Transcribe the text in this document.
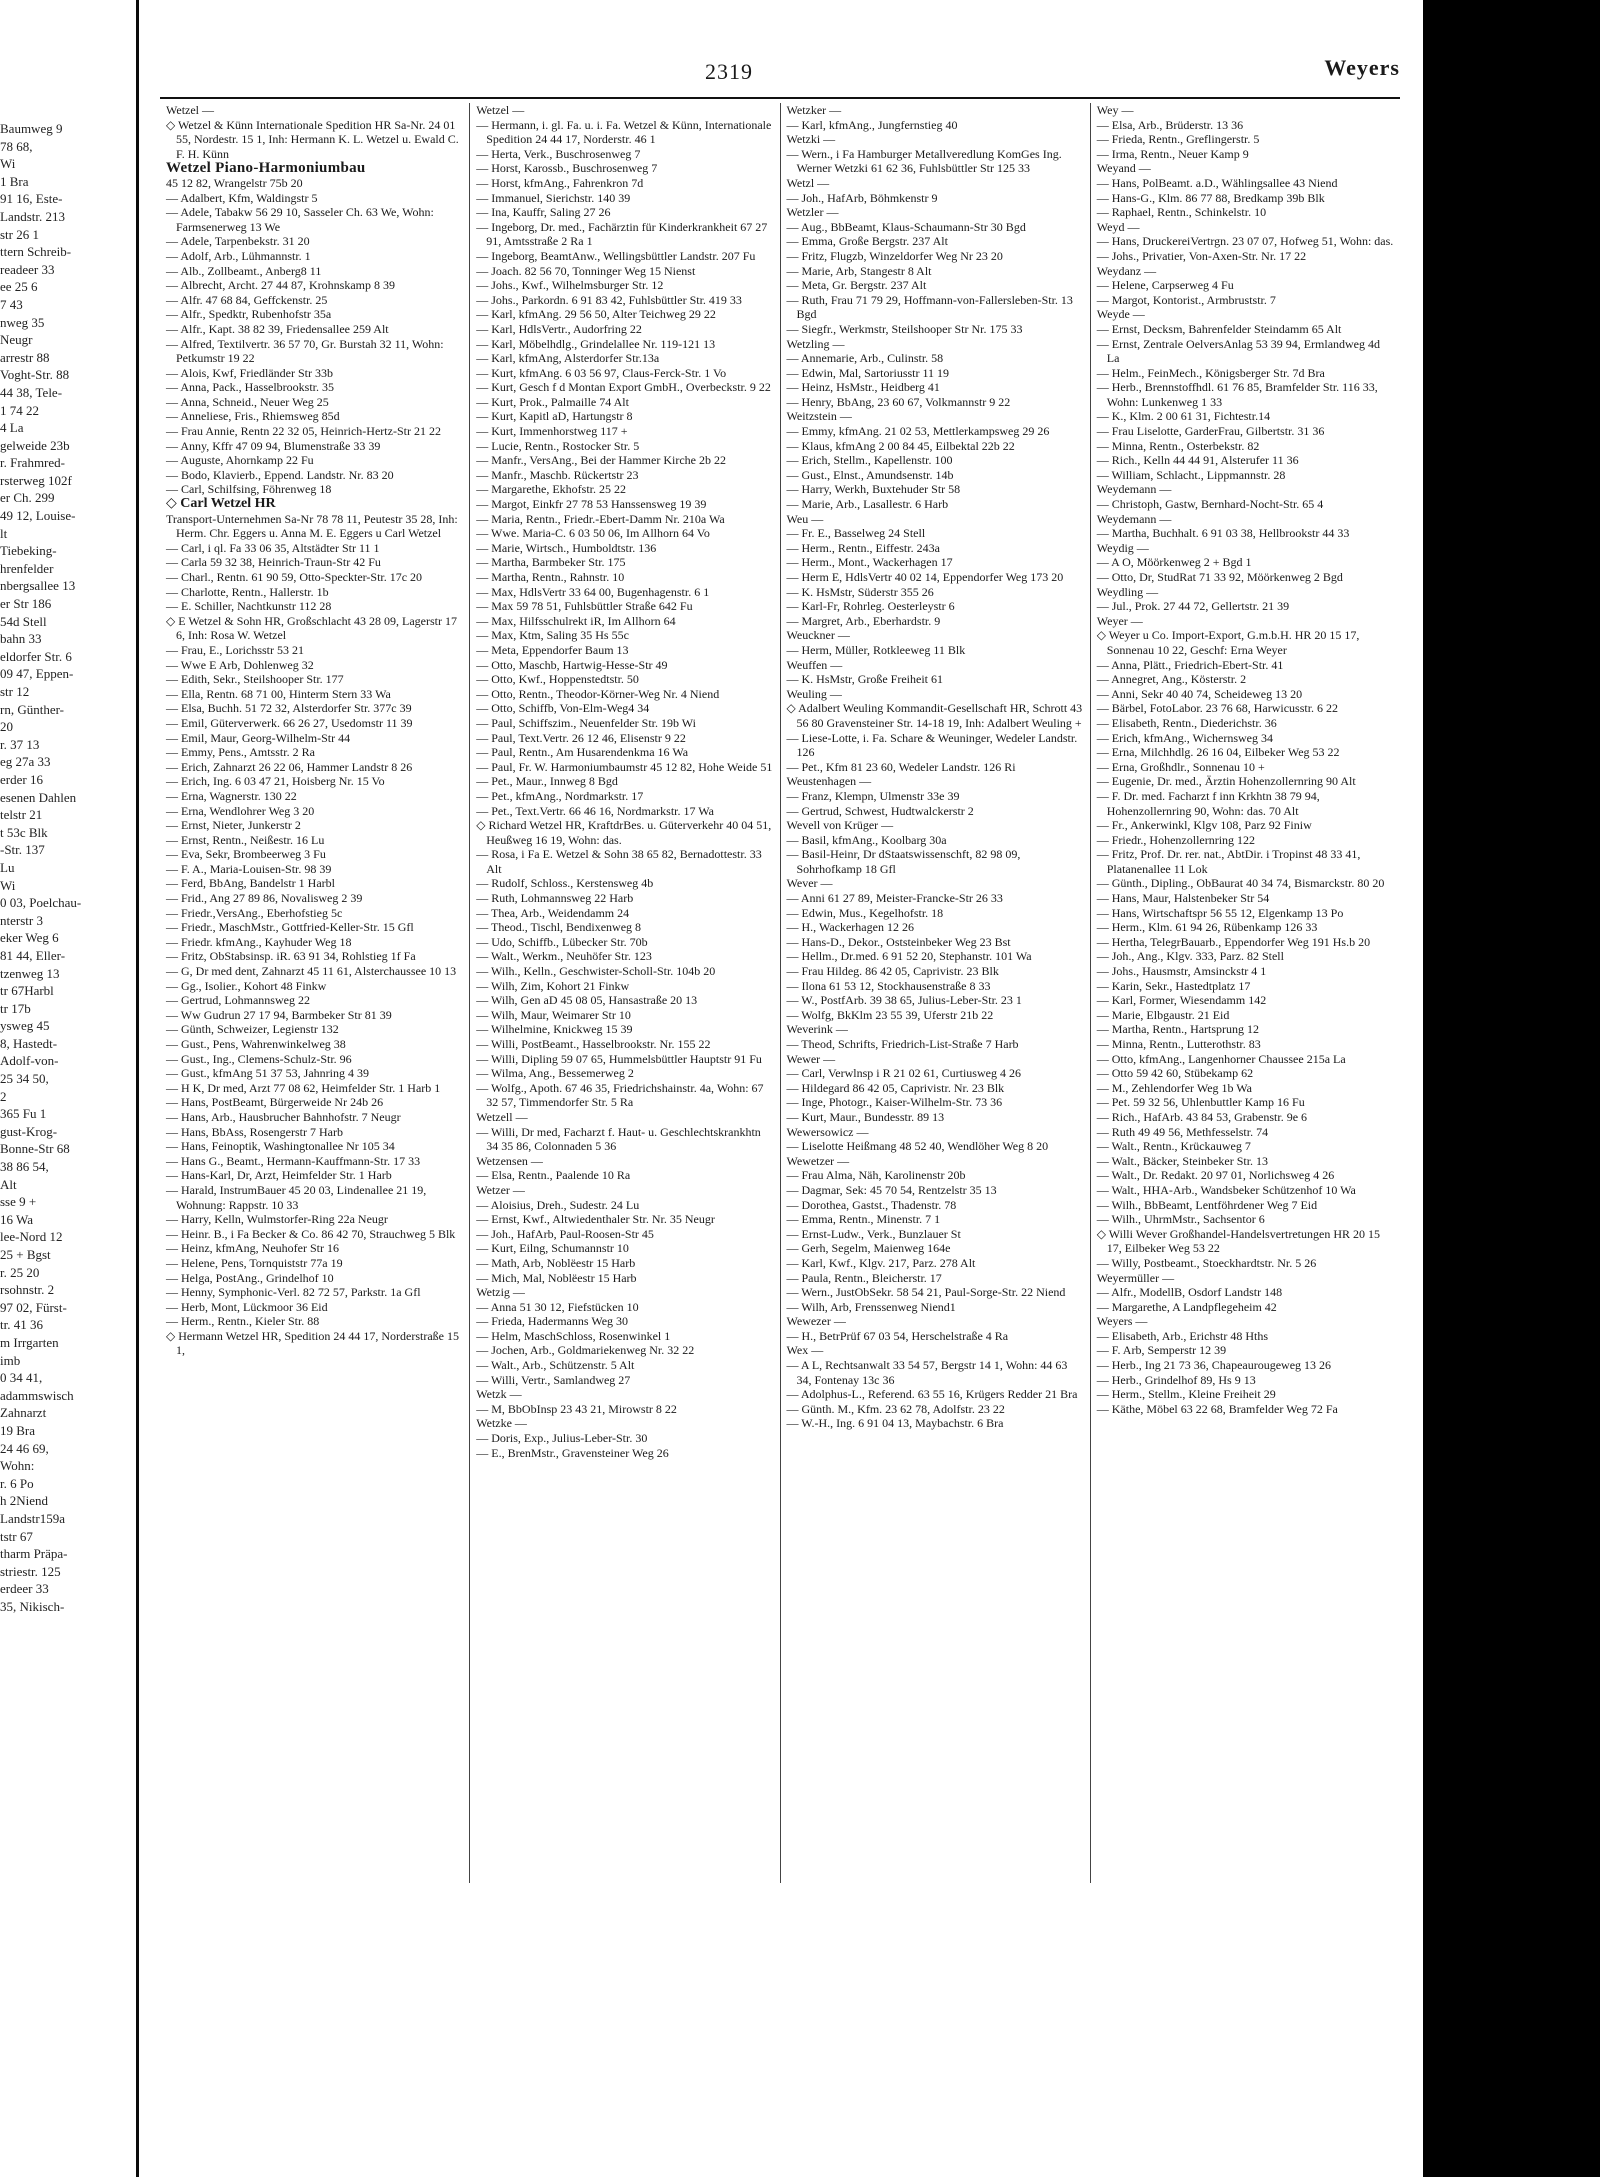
Baumweg 9
78 68,
Wi
1 Bra
91 16, Este-
Landstr. 213
str 26 1
ttern Schreib-
readeer 33
ee 25 6
7 43
nweg 35
Neugr
arrestr 88
Voght-Str. 88
44 38, Tele-
1 74 22
4 La
gelweide 23b
r. Frahmred-
rsterweg 102f
er Ch. 299
49 12, Louise-
lt
Tiebeking-
hrenfelder
nbergsallee 13
er Str 186
54d Stell
bahn 33
eldorfer Str. 6
09 47, Eppen-
str 12
rn, Günther-
20
r. 37 13
eg 27a 33
erder 16
esenen Dahlen
telstr 21
t 53c Blk
-Str. 137
Lu
Wi
0 03, Poelchau-
nterstr 3
eker Weg 6
81 44, Eller-
tzenweg 13
tr 67Harbl
tr 17b
ysweg 45
8, Hastedt-
Adolf-von-
25 34 50,
2
365 Fu 1
gust-Krog-
Bonne-Str 68
38 86 54,
Alt
sse 9 +
16 Wa
lee-Nord 12
25 + Bgst
r. 25 20
rsohnstr. 2
97 02, Fürst-
tr. 41 36
m Irrgarten
imb
0 34 41,
adammswisch
Zahnarzt
19 Bra
24 46 69,
Wohn:
r. 6 Po
h 2Niend
Landstr159a
tstr 67
tharm Präpa-
striestr. 125
erdeer 33
35, Nikisch-
2319	Weyers
Wetzel —
◇ Wetzel & Künn Internationale Spedition HR Sa-Nr. 24 01 55, Nordestr. 15 1, Inh: Hermann K. L. Wetzel u. Ewald C. F. H. Künn
Wetzel Piano-Harmoniumbau
45 12 82, Wrangelstr 75b 20
— Adalbert, Kfm, Waldingstr 5
— Adele, Tabakw 56 29 10, Sasseler Ch. 63 We, Wohn: Farmsenerweg 13 We
— Adele, Tarpenbekstr. 31 20
— Adolf, Arb., Lühmannstr. 1
— Alb., Zollbeamt., Anberg8 11
— Albrecht, Archt. 27 44 87, Krohnskamp 8 39
— Alfr. 47 68 84, Geffckenstr. 25
— Alfr., Spedktr, Rubenhofstr 35a
— Alfr., Kapt. 38 82 39, Friedensallee 259 Alt
— Alfred, Textilvertr. 36 57 70, Gr. Burstah 32 11, Wohn: Petkumstr 19 22
— Alois, Kwf, Friedländer Str 33b
— Anna, Pack., Hasselbrookstr. 35
— Anna, Schneid., Neuer Weg 25
— Anneliese, Fris., Rhiemsweg 85d
— Frau Annie, Rentn 22 32 05, Heinrich-Hertz-Str 21 22
— Anny, Kffr 47 09 94, Blumenstraße 33 39
— Auguste, Ahornkamp 22 Fu
— Bodo, Klavierb., Eppend. Landstr. Nr. 83 20
— Carl, Schilfsing, Föhrenweg 18
◇ Carl Wetzel HR
Transport-Unternehmen Sa-Nr 78 78 11, Peutestr 35 28, Inh: Herm. Chr. Eggers u. Anna M. E. Eggers u Carl Wetzel
— Carl, i ql. Fa 33 06 35, Altstädter Str 11 1
— Carla 59 32 38, Heinrich-Traun-Str 42 Fu
— Charl., Rentn. 61 90 59, Otto-Speckter-Str. 17c 20
— Charlotte, Rentn., Hallerstr. 1b
— E. Schiller, Nachtkunstr 112 28
◇ E Wetzel & Sohn HR, Großschlacht 43 28 09, Lagerstr 17 6, Inh: Rosa W. Wetzel
— Frau, E., Lorichsstr 53 21
— Wwe E Arb, Dohlenweg 32
— Edith, Sekr., Steilshooper Str. 177
— Ella, Rentn. 68 71 00, Hinterm Stern 33 Wa
— Elsa, Buchh. 51 72 32, Alsterdorfer Str. 377c 39
— Emil, Güterverwerk. 66 26 27, Usedomstr 11 39
— Emil, Maur, Georg-Wilhelm-Str 44
— Emmy, Pens., Amtsstr. 2 Ra
— Erich, Zahnarzt 26 22 06, Hammer Landstr 8 26
— Erich, Ing. 6 03 47 21, Hoisberg Nr. 15 Vo
— Erna, Wagnerstr. 130 22
— Erna, Wendlohrer Weg 3 20
— Ernst, Nieter, Junkerstr 2
— Ernst, Rentn., Neißestr. 16 Lu
— Eva, Sekr, Brombeerweg 3 Fu
— F. A., Maria-Louisen-Str. 98 39
— Ferd, BbAng, Bandelstr 1 Harbl
— Frid., Ang 27 89 86, Novalisweg 2 39
— Friedr.,VersAng., Eberhofstieg 5c
— Friedr., MaschMstr., Gottfried-Keller-Str. 15 Gfl
— Friedr. kfmAng., Kayhuder Weg 18
— Fritz, ObStabsinsp. iR. 63 91 34, Rohlstieg 1f Fa
— G, Dr med dent, Zahnarzt 45 11 61, Alsterchaussee 10 13
— Gg., Isolier., Kohort 48 Finkw
— Gertrud, Lohmannsweg 22
— Ww Gudrun 27 17 94, Barmbeker Str 81 39
— Günth, Schweizer, Legienstr 132
— Gust., Pens, Wahrenwinkelweg 38
— Gust., Ing., Clemens-Schulz-Str. 96
— Gust., kfmAng 51 37 53, Jahnring 4 39
— H K, Dr med, Arzt 77 08 62, Heimfelder Str. 1 Harb 1
— Hans, PostBeamt, Bürgerweide Nr 24b 26
— Hans, Arb., Hausbrucher Bahnhofstr. 7 Neugr
— Hans, BbAss, Rosengerstr 7 Harb
— Hans, Feinoptik, Washingtonallee Nr 105 34
— Hans G., Beamt., Hermann-Kauffmann-Str. 17 33
— Hans-Karl, Dr, Arzt, Heimfelder Str. 1 Harb
— Harald, InstrumBauer 45 20 03, Lindenallee 21 19, Wohnung: Rappstr. 10 33
— Harry, Kelln, Wulmstorfer-Ring 22a Neugr
— Heinr. B., i Fa Becker & Co. 86 42 70, Strauchweg 5 Blk
— Heinz, kfmAng, Neuhofer Str 16
— Helene, Pens, Tornquiststr 77a 19
— Helga, PostAng., Grindelhof 10
— Henny, Symphonic-Verl. 82 72 57, Parkstr. 1a Gfl
— Herb, Mont, Lückmoor 36 Eid
— Herm., Rentn., Kieler Str. 88
◇ Hermann Wetzel HR, Spedition 24 44 17, Norderstraße 15 1,
Wetzel —
— Hermann, i. gl. Fa. u. i. Fa. Wetzel & Künn, Internationale Spedition 24 44 17, Norderstr. 46 1
— Herta, Verk., Buschrosenweg 7
— Horst, Karossb., Buschrosenweg 7
— Horst, kfmAng., Fahrenkron 7d
— Immanuel, Sierichstr. 140 39
— Ina, Kauffr, Saling 27 26
— Ingeborg, Dr. med., Fachärztin für Kinderkrankheit 67 27 91, Amtsstraße 2 Ra 1
— Ingeborg, BeamtAnw., Wellingsbüttler Landstr. 207 Fu
— Joach. 82 56 70, Tonninger Weg 15 Nienst
— Johs., Kwf., Wilhelmsburger Str. 12
— Johs., Parkordn. 6 91 83 42, Fuhlsbüttler Str. 419 33
— Karl, kfmAng. 29 56 50, Alter Teichweg 29 22
— Karl, HdlsVertr., Audorfring 22
— Karl, Möbelhdlg., Grindelallee Nr. 119-121 13
— Karl, kfmAng, Alsterdorfer Str.13a
— Kurt, kfmAng. 6 03 56 97, Claus-Ferck-Str. 1 Vo
— Kurt, Gesch f d Montan Export GmbH., Overbeckstr. 9 22
— Kurt, Prok., Palmaille 74 Alt
— Kurt, Kapitl aD, Hartungstr 8
— Kurt, Immenhorstweg 117 +
— Lucie, Rentn., Rostocker Str. 5
— Manfr., VersAng., Bei der Hammer Kirche 2b 22
— Manfr., Maschb. Rückertstr 23
— Margarethe, Ekhofstr. 25 22
— Margot, Einkfr 27 78 53 Hanssensweg 19 39
— Maria, Rentn., Friedr.-Ebert-Damm Nr. 210a Wa
— Wwe. Maria-C. 6 03 50 06, Im Allhorn 64 Vo
— Marie, Wirtsch., Humboldtstr. 136
— Martha, Barmbeker Str. 175
— Martha, Rentn., Rahnstr. 10
— Max, HdlsVertr 33 64 00, Bugenhagenstr. 6 1
— Max 59 78 51, Fuhlsbüttler Straße 642 Fu
— Max, Hilfsschulrekt iR, Im Allhorn 64
— Max, Ktm, Saling 35 Hs 55c
— Meta, Eppendorfer Baum 13
— Otto, Maschb, Hartwig-Hesse-Str 49
— Otto, Kwf., Hoppenstedtstr. 50
— Otto, Rentn., Theodor-Körner-Weg Nr. 4 Niend
— Otto, Schiffb, Von-Elm-Weg4 34
— Paul, Schiffszim., Neuenfelder Str. 19b Wi
— Paul, Text.Vertr. 26 12 46, Elisenstr 9 22
— Paul, Rentn., Am Husarendenkma 16 Wa
— Paul, Fr. W. Harmoniumbaumstr 45 12 82, Hohe Weide 51
— Pet., Maur., Innweg 8 Bgd
— Pet., kfmAng., Nordmarkstr. 17
— Pet., Text.Vertr. 66 46 16, Nordmarkstr. 17 Wa
◇ Richard Wetzel HR, KraftdrBes. u. Güterverkehr 40 04 51, Heußweg 16 19, Wohn: das.
— Rosa, i Fa E. Wetzel & Sohn 38 65 82, Bernadottestr. 33 Alt
— Rudolf, Schloss., Kerstensweg 4b
— Ruth, Lohmannsweg 22 Harb
— Thea, Arb., Weidendamm 24
— Theod., Tischl, Bendixenweg 8
— Udo, Schiffb., Lübecker Str. 70b
— Walt., Werkm., Neuhöfer Str. 123
— Wilh., Kelln., Geschwister-Scholl-Str. 104b 20
— Wilh, Zim, Kohort 21 Finkw
— Wilh, Gen aD 45 08 05, Hansastraße 20 13
— Wilh, Maur, Weimarer Str 10
— Wilhelmine, Knickweg 15 39
— Willi, PostBeamt., Hasselbrookstr. Nr. 155 22
— Willi, Dipling 59 07 65, Hummelsbüttler Hauptstr 91 Fu
— Wilma, Ang., Bessemerweg 2
— Wolfg., Apoth. 67 46 35, Friedrichshainstr. 4a, Wohn: 67 32 57, Timmendorfer Str. 5 Ra
Wetzell —
— Willi, Dr med, Facharzt f. Haut- u. Geschlechtskrankhtn 34 35 86, Colonnaden 5 36
Wetzensen —
— Elsa, Rentn., Paalende 10 Ra
Wetzer —
— Aloisius, Dreh., Sudestr. 24 Lu
— Ernst, Kwf., Altwiedenthaler Str. Nr. 35 Neugr
— Joh., HafArb, Paul-Roosen-Str 45
— Kurt, Eilng, Schumannstr 10
— Math, Arb, Noblëestr 15 Harb
— Mich, Mal, Noblëestr 15 Harb
Wetzig —
— Anna 51 30 12, Fiefstücken 10
— Frieda, Hadermanns Weg 30
— Helm, MaschSchloss, Rosenwinkel 1
— Jochen, Arb., Goldmariekenweg Nr. 32 22
— Walt., Arb., Schützenstr. 5 Alt
— Willi, Vertr., Samlandweg 27
Wetzk —
— M, BbObInsp 23 43 21, Mirowstr 8 22
Wetzke —
— Doris, Exp., Julius-Leber-Str. 30
— E., BrenMstr., Gravensteiner Weg 26
Wetzker —
— Karl, kfmAng., Jungfernstieg 40
Wetzki —
— Wern., i Fa Hamburger Metallveredlung KomGes Ing. Werner Wetzki 61 62 36, Fuhlsbüttler Str 125 33
Wetzl —
— Joh., HafArb, Böhmkenstr 9
Wetzler —
— Aug., BbBeamt, Klaus-Schaumann-Str 30 Bgd
— Emma, Große Bergstr. 237 Alt
— Fritz, Flugzb, Winzeldorfer Weg Nr 23 20
— Marie, Arb, Stangestr 8 Alt
— Meta, Gr. Bergstr. 237 Alt
— Ruth, Frau 71 79 29, Hoffmann-von-Fallersleben-Str. 13 Bgd
— Siegfr., Werkmstr, Steilshooper Str Nr. 175 33
Wetzling —
— Annemarie, Arb., Culinstr. 58
— Edwin, Mal, Sartoriusstr 11 19
— Heinz, HsMstr., Heidberg 41
— Henry, BbAng, 23 60 67, Volkmannstr 9 22
Weitzstein —
— Emmy, kfmAng. 21 02 53, Mettlerkampsweg 29 26
— Klaus, kfmAng 2 00 84 45, Eilbektal 22b 22
— Erich, Stellm., Kapellenstr. 100
— Gust., Elnst., Amundsenstr. 14b
— Harry, Werkh, Buxtehuder Str 58
— Marie, Arb., Lasallestr. 6 Harb
Weu —
— Fr. E., Basselweg 24 Stell
— Herm., Rentn., Eiffestr. 243a
— Herm., Mont., Wackerhagen 17
— Herm E, HdlsVertr 40 02 14, Eppendorfer Weg 173 20
— K. HsMstr, Süderstr 355 26
— Karl-Fr, Rohrleg. Oesterleystr 6
— Margret, Arb., Eberhardstr. 9
Weuckner —
— Herm, Müller, Rotkleeweg 11 Blk
Weuffen —
— K. HsMstr, Große Freiheit 61
Weuling —
◇ Adalbert Weuling Kommandit-Gesellschaft HR, Schrott 43 56 80 Gravensteiner Str. 14-18 19, Inh: Adalbert Weuling +
— Liese-Lotte, i. Fa. Schare & Weuninger, Wedeler Landstr. 126
— Pet., Kfm 81 23 60, Wedeler Landstr. 126 Ri
Weustenhagen —
— Franz, Klempn, Ulmenstr 33e 39
— Gertrud, Schwest, Hudtwalckerstr 2
Wevell von Krüger —
— Basil, kfmAng., Koolbarg 30a
— Basil-Heinr, Dr dStaatswissenschft, 82 98 09, Sohrhofkamp 18 Gfl
Wever —
— Anni 61 27 89, Meister-Francke-Str 26 33
— Edwin, Mus., Kegelhofstr. 18
— H., Wackerhagen 12 26
— Hans-D., Dekor., Oststeinbeker Weg 23 Bst
— Hellm., Dr.med. 6 91 52 20, Stephanstr. 101 Wa
— Frau Hildeg. 86 42 05, Caprivistr. 23 Blk
— Ilona 61 53 12, Stockhausenstraße 8 33
— W., PostfArb. 39 38 65, Julius-Leber-Str. 23 1
— Wolfg, BkKlm 23 55 39, Uferstr 21b 22
Weverink —
— Theod, Schrifts, Friedrich-List-Straße 7 Harb
Wewer —
— Carl, Verwlnsp i R 21 02 61, Curtiusweg 4 26
— Hildegard 86 42 05, Caprivistr. Nr. 23 Blk
— Inge, Photogr., Kaiser-Wilhelm-Str. 73 36
— Kurt, Maur., Bundesstr. 89 13
Wewersowicz —
— Liselotte Heißmang 48 52 40, Wendlöher Weg 8 20
Wewetzer —
— Frau Alma, Näh, Karolinenstr 20b
— Dagmar, Sek: 45 70 54, Rentzelstr 35 13
— Dorothea, Gastst., Thadenstr. 78
— Emma, Rentn., Minenstr. 7 1
— Ernst-Ludw., Verk., Bunzlauer St
— Gerh, Segelm, Maienweg 164e
— Karl, Kwf., Klgv. 217, Parz. 278 Alt
— Paula, Rentn., Bleicherstr. 17
— Wern., JustObSekr. 58 54 21, Paul-Sorge-Str. 22 Niend
— Wilh, Arb, Frenssenweg Niend1
Wewezer —
— H., BetrPrüf 67 03 54, Herschelstraße 4 Ra
Wex —
— A L, Rechtsanwalt 33 54 57, Bergstr 14 1, Wohn: 44 63 34, Fontenay 13c 36
— Adolphus-L., Referend. 63 55 16, Krügers Redder 21 Bra
— Günth. M., Kfm. 23 62 78, Adolfstr. 23 22
— W.-H., Ing. 6 91 04 13, Maybachstr. 6 Bra
Wey —
— Elsa, Arb., Brüderstr. 13 36
— Frieda, Rentn., Greflingerstr. 5
— Irma, Rentn., Neuer Kamp 9
Weyand —
— Hans, PolBeamt. a.D., Wählingsallee 43 Niend
— Hans-G., Klm. 86 77 88, Bredkamp 39b Blk
— Raphael, Rentn., Schinkelstr. 10
Weyd —
— Hans, DruckereiVertrgn. 23 07 07, Hofweg 51, Wohn: das.
— Johs., Privatier, Von-Axen-Str. Nr. 17 22
Weydanz —
— Helene, Carpserweg 4 Fu
— Margot, Kontorist., Armbruststr. 7
Weyde —
— Ernst, Decksm, Bahrenfelder Steindamm 65 Alt
— Ernst, Zentrale OelversAnlag 53 39 94, Ermlandweg 4d La
— Helm., FeinMech., Königsberger Str. 7d Bra
— Herb., Brennstoffhdl. 61 76 85, Bramfelder Str. 116 33, Wohn: Lunkenweg 1 33
— K., Klm. 2 00 61 31, Fichtestr.14
— Frau Liselotte, GarderFrau, Gilbertstr. 31 36
— Minna, Rentn., Osterbekstr. 82
— Rich., Kelln 44 44 91, Alsterufer 11 36
— William, Schlacht., Lippmannstr. 28
Weydemann —
— Christoph, Gastw, Bernhard-Nocht-Str. 65 4
Weydemann —
— Martha, Buchhalt. 6 91 03 38, Hellbrookstr 44 33
Weydig —
— A O, Möörkenweg 2 + Bgd 1
— Otto, Dr, StudRat 71 33 92, Möörkenweg 2 Bgd
Weydling —
— Jul., Prok. 27 44 72, Gellertstr. 21 39
Weyer —
◇ Weyer u Co. Import-Export, G.m.b.H. HR 20 15 17, Sonnenau 10 22, Geschf: Erna Weyer
— Anna, Plätt., Friedrich-Ebert-Str. 41
— Annegret, Ang., Kösterstr. 2
— Anni, Sekr 40 40 74, Scheideweg 13 20
— Bärbel, FotoLabor. 23 76 68, Harwicusstr. 6 22
— Elisabeth, Rentn., Diederichstr. 36
— Erich, kfmAng., Wichernsweg 34
— Erna, Milchhdlg. 26 16 04, Eilbeker Weg 53 22
— Erna, Großhdlr., Sonnenau 10 +
— Eugenie, Dr. med., Ärztin Hohenzollernring 90 Alt
— F. Dr. med. Facharzt f inn Krkhtn 38 79 94, Hohenzollernring 90, Wohn: das. 70 Alt
— Fr., Ankerwinkl, Klgv 108, Parz 92 Finiw
— Friedr., Hohenzollernring 122
— Fritz, Prof. Dr. rer. nat., AbtDir. i Tropinst 48 33 41, Platanenallee 11 Lok
— Günth., Dipling., ObBaurat 40 34 74, Bismarckstr. 80 20
— Hans, Maur, Halstenbeker Str 54
— Hans, Wirtschaftspr 56 55 12, Elgenkamp 13 Po
— Herm., Klm. 61 94 26, Rübenkamp 126 33
— Hertha, TelegrBauarb., Eppendorfer Weg 191 Hs.b 20
— Joh., Ang., Klgv. 333, Parz. 82 Stell
— Johs., Hausmstr, Amsinckstr 4 1
— Karin, Sekr., Hastedtplatz 17
— Karl, Former, Wiesendamm 142
— Marie, Elbgaustr. 21 Eid
— Martha, Rentn., Hartsprung 12
— Minna, Rentn., Lutterothstr. 83
— Otto, kfmAng., Langenhorner Chaussee 215a La
— Otto 59 42 60, Stübekamp 62
— M., Zehlendorfer Weg 1b Wa
— Pet. 59 32 56, Uhlenbuttler Kamp 16 Fu
— Rich., HafArb. 43 84 53, Grabenstr. 9e 6
— Ruth 49 49 56, Methfesselstr. 74
— Walt., Rentn., Krückauweg 7
— Walt., Bäcker, Steinbeker Str. 13
— Walt., Dr. Redakt. 20 97 01, Norlichsweg 4 26
— Walt., HHA-Arb., Wandsbeker Schützenhof 10 Wa
— Wilh., BbBeamt, Lentföhrdener Weg 7 Eid
— Wilh., UhrmMstr., Sachsentor 6
◇ Willi Wever Großhandel-Handelsvertretungen HR 20 15 17, Eilbeker Weg 53 22
— Willy, Postbeamt., Stoeckhardtstr. Nr. 5 26
Weyermüller —
— Alfr., ModellB, Osdorf Landstr 148
— Margarethe, A Landpflegeheim 42
Weyers —
— Elisabeth, Arb., Erichstr 48 Hths
— F. Arb, Semperstr 12 39
— Herb., Ing 21 73 36, Chapeaurougeweg 13 26
— Herb., Grindelhof 89, Hs 9 13
— Herm., Stellm., Kleine Freiheit 29
— Käthe, Möbel 63 22 68, Bramfelder Weg 72 Fa
